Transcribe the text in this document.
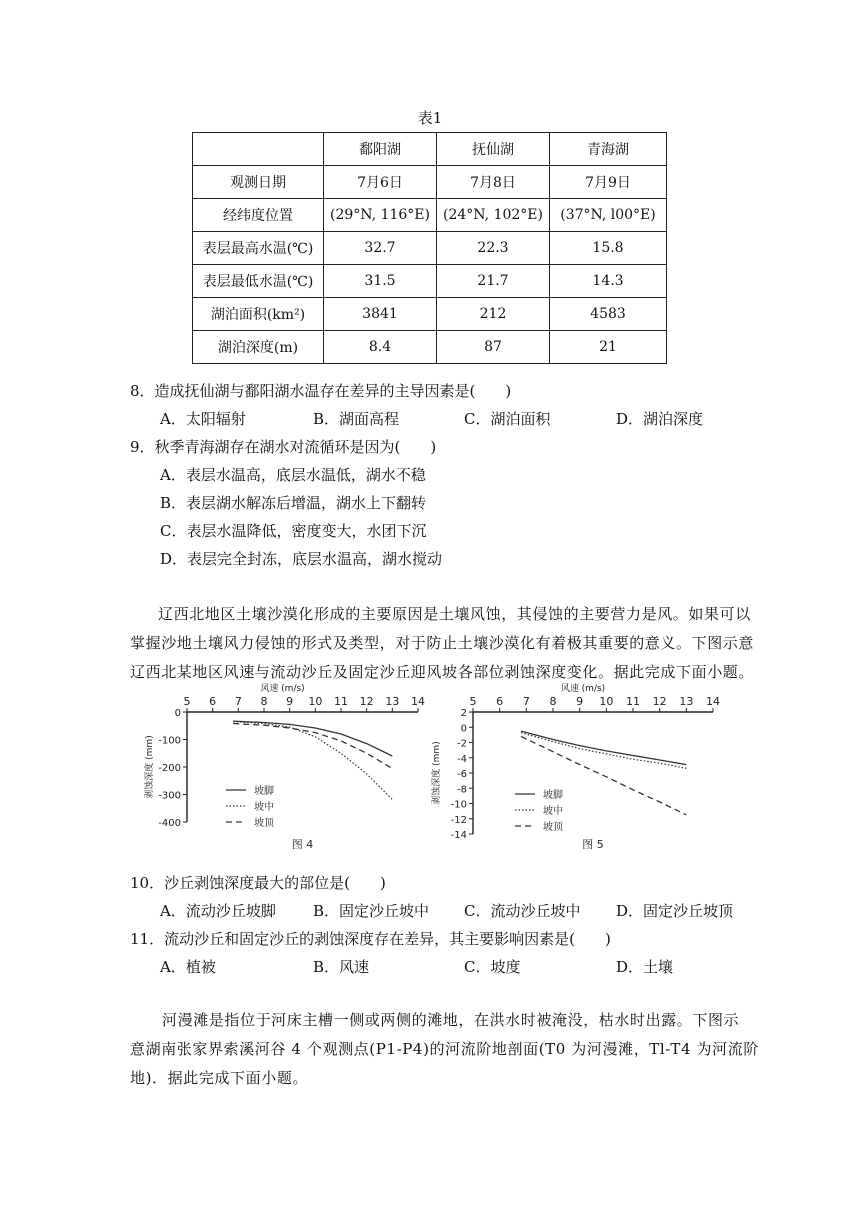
表1
	鄱阳湖	抚仙湖	青海湖
观测日期	7月6日	7月8日	7月9日
经纬度位置	(29°N, 116°E)	(24°N, 102°E)	(37°N, l00°E)
表层最高水温(℃)	32.7	22.3	15.8
表层最低水温(℃)	31.5	21.7	14.3
湖泊面积(km²)	3841	212	4583
湖泊深度(m)	8.4	87	21
8．造成抚仙湖与鄱阳湖水温存在差异的主导因素是(　　)
A．太阳辐射	B．湖面高程	C．湖泊面积	D．湖泊深度
9．秋季青海湖存在湖水对流循环是因为(　　)
A．表层水温高，底层水温低，湖水不稳
B．表层湖水解冻后增温，湖水上下翻转
C．表层水温降低，密度变大，水团下沉
D．表层完全封冻，底层水温高，湖水搅动
辽西北地区土壤沙漠化形成的主要原因是土壤风蚀，其侵蚀的主要营力是风。如果可以
掌握沙地土壤风力侵蚀的形式及类型，对于防止土壤沙漠化有着极其重要的意义。下图示意
辽西北某地区风速与流动沙丘及固定沙丘迎风坡各部位剥蚀深度变化。据此完成下面小题。
5 6 7 8 9 10 11 12 13 14
0
-100
-200
-300
-400
风速 (m/s)
剥蚀深度 (mm)	坡脚
坡中
坡顶
图 4
5 6 7 8 9 10 11 12 13 14
2
0
-2
-4
-6
-8
-10
-12
-14
风速 (m/s)
剥蚀深度 (mm)	坡脚
坡中
坡顶
图 5
10．沙丘剥蚀深度最大的部位是(　　)
A．流动沙丘坡脚 B．固定沙丘坡中 C．流动沙丘坡中 D．固定沙丘坡顶
11．流动沙丘和固定沙丘的剥蚀深度存在差异，其主要影响因素是(　　)
A．植被	B．风速	C．坡度	D．土壤
河漫滩是指位于河床主槽一侧或两侧的滩地，在洪水时被淹没，枯水时出露。下图示
意湖南张家界索溪河谷 4 个观测点(P1-P4)的河流阶地剖面(T0 为河漫滩，Tl-T4 为河流阶
地)．据此完成下面小题。
